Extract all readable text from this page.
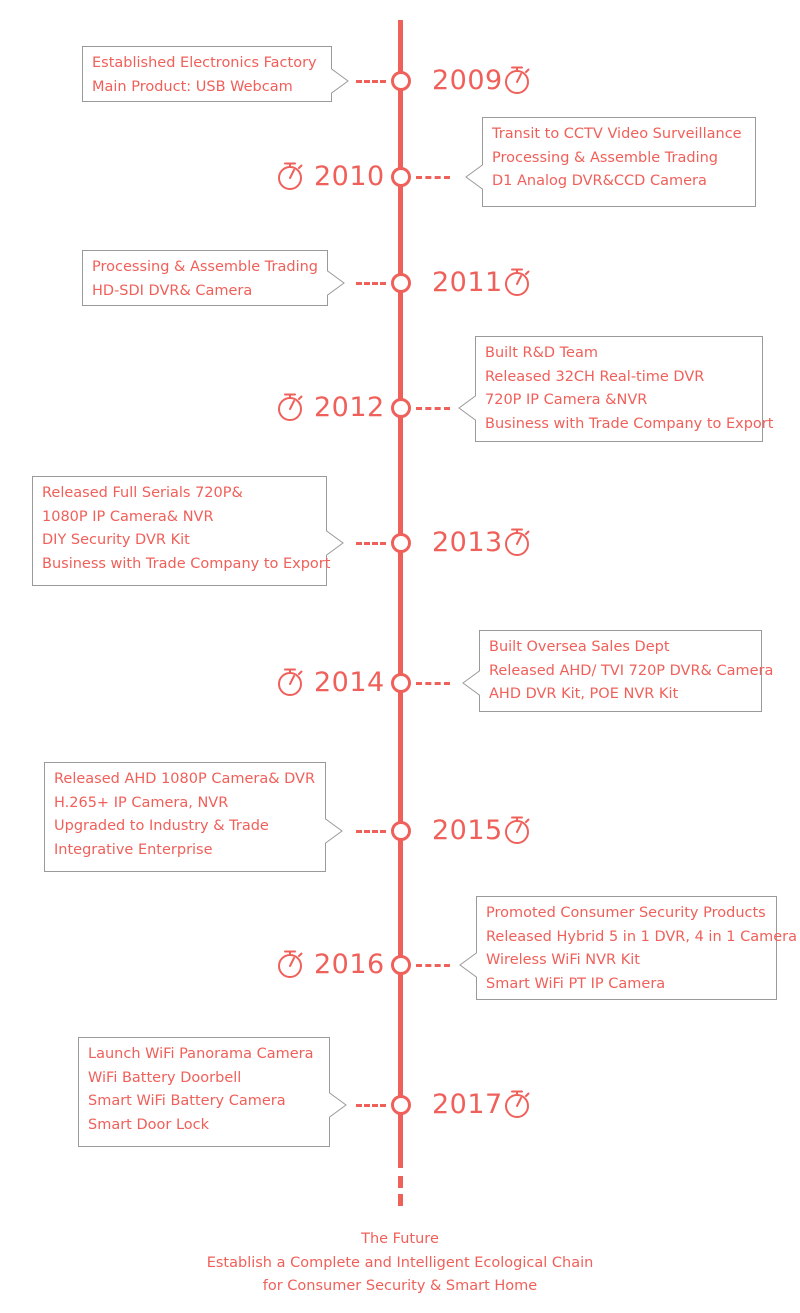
2009
Established Electronics Factory
Main Product: USB Webcam
2010
Transit to CCTV Video Surveillance
Processing & Assemble Trading
D1 Analog DVR&CCD Camera
2011
Processing & Assemble Trading
HD-SDI DVR& Camera
2012
Built R&D Team
Released 32CH Real-time DVR
720P IP Camera &NVR
Business with Trade Company to Export
2013
Released Full Serials 720P&
1080P IP Camera& NVR
DIY Security DVR Kit
Business with Trade Company to Export
2014
Built Oversea Sales Dept
Released AHD/ TVI 720P DVR& Camera
AHD DVR Kit, POE NVR Kit
2015
Released AHD 1080P Camera& DVR
H.265+ IP Camera, NVR
Upgraded to Industry & Trade
Integrative Enterprise
2016
Promoted Consumer Security Products
Released Hybrid 5 in 1 DVR, 4 in 1 Camera
Wireless WiFi NVR Kit
Smart WiFi PT IP Camera
2017
Launch WiFi Panorama Camera
WiFi Battery Doorbell
Smart WiFi Battery Camera
Smart Door Lock
The Future
Establish a Complete and Intelligent Ecological Chain
for Consumer Security & Smart Home
